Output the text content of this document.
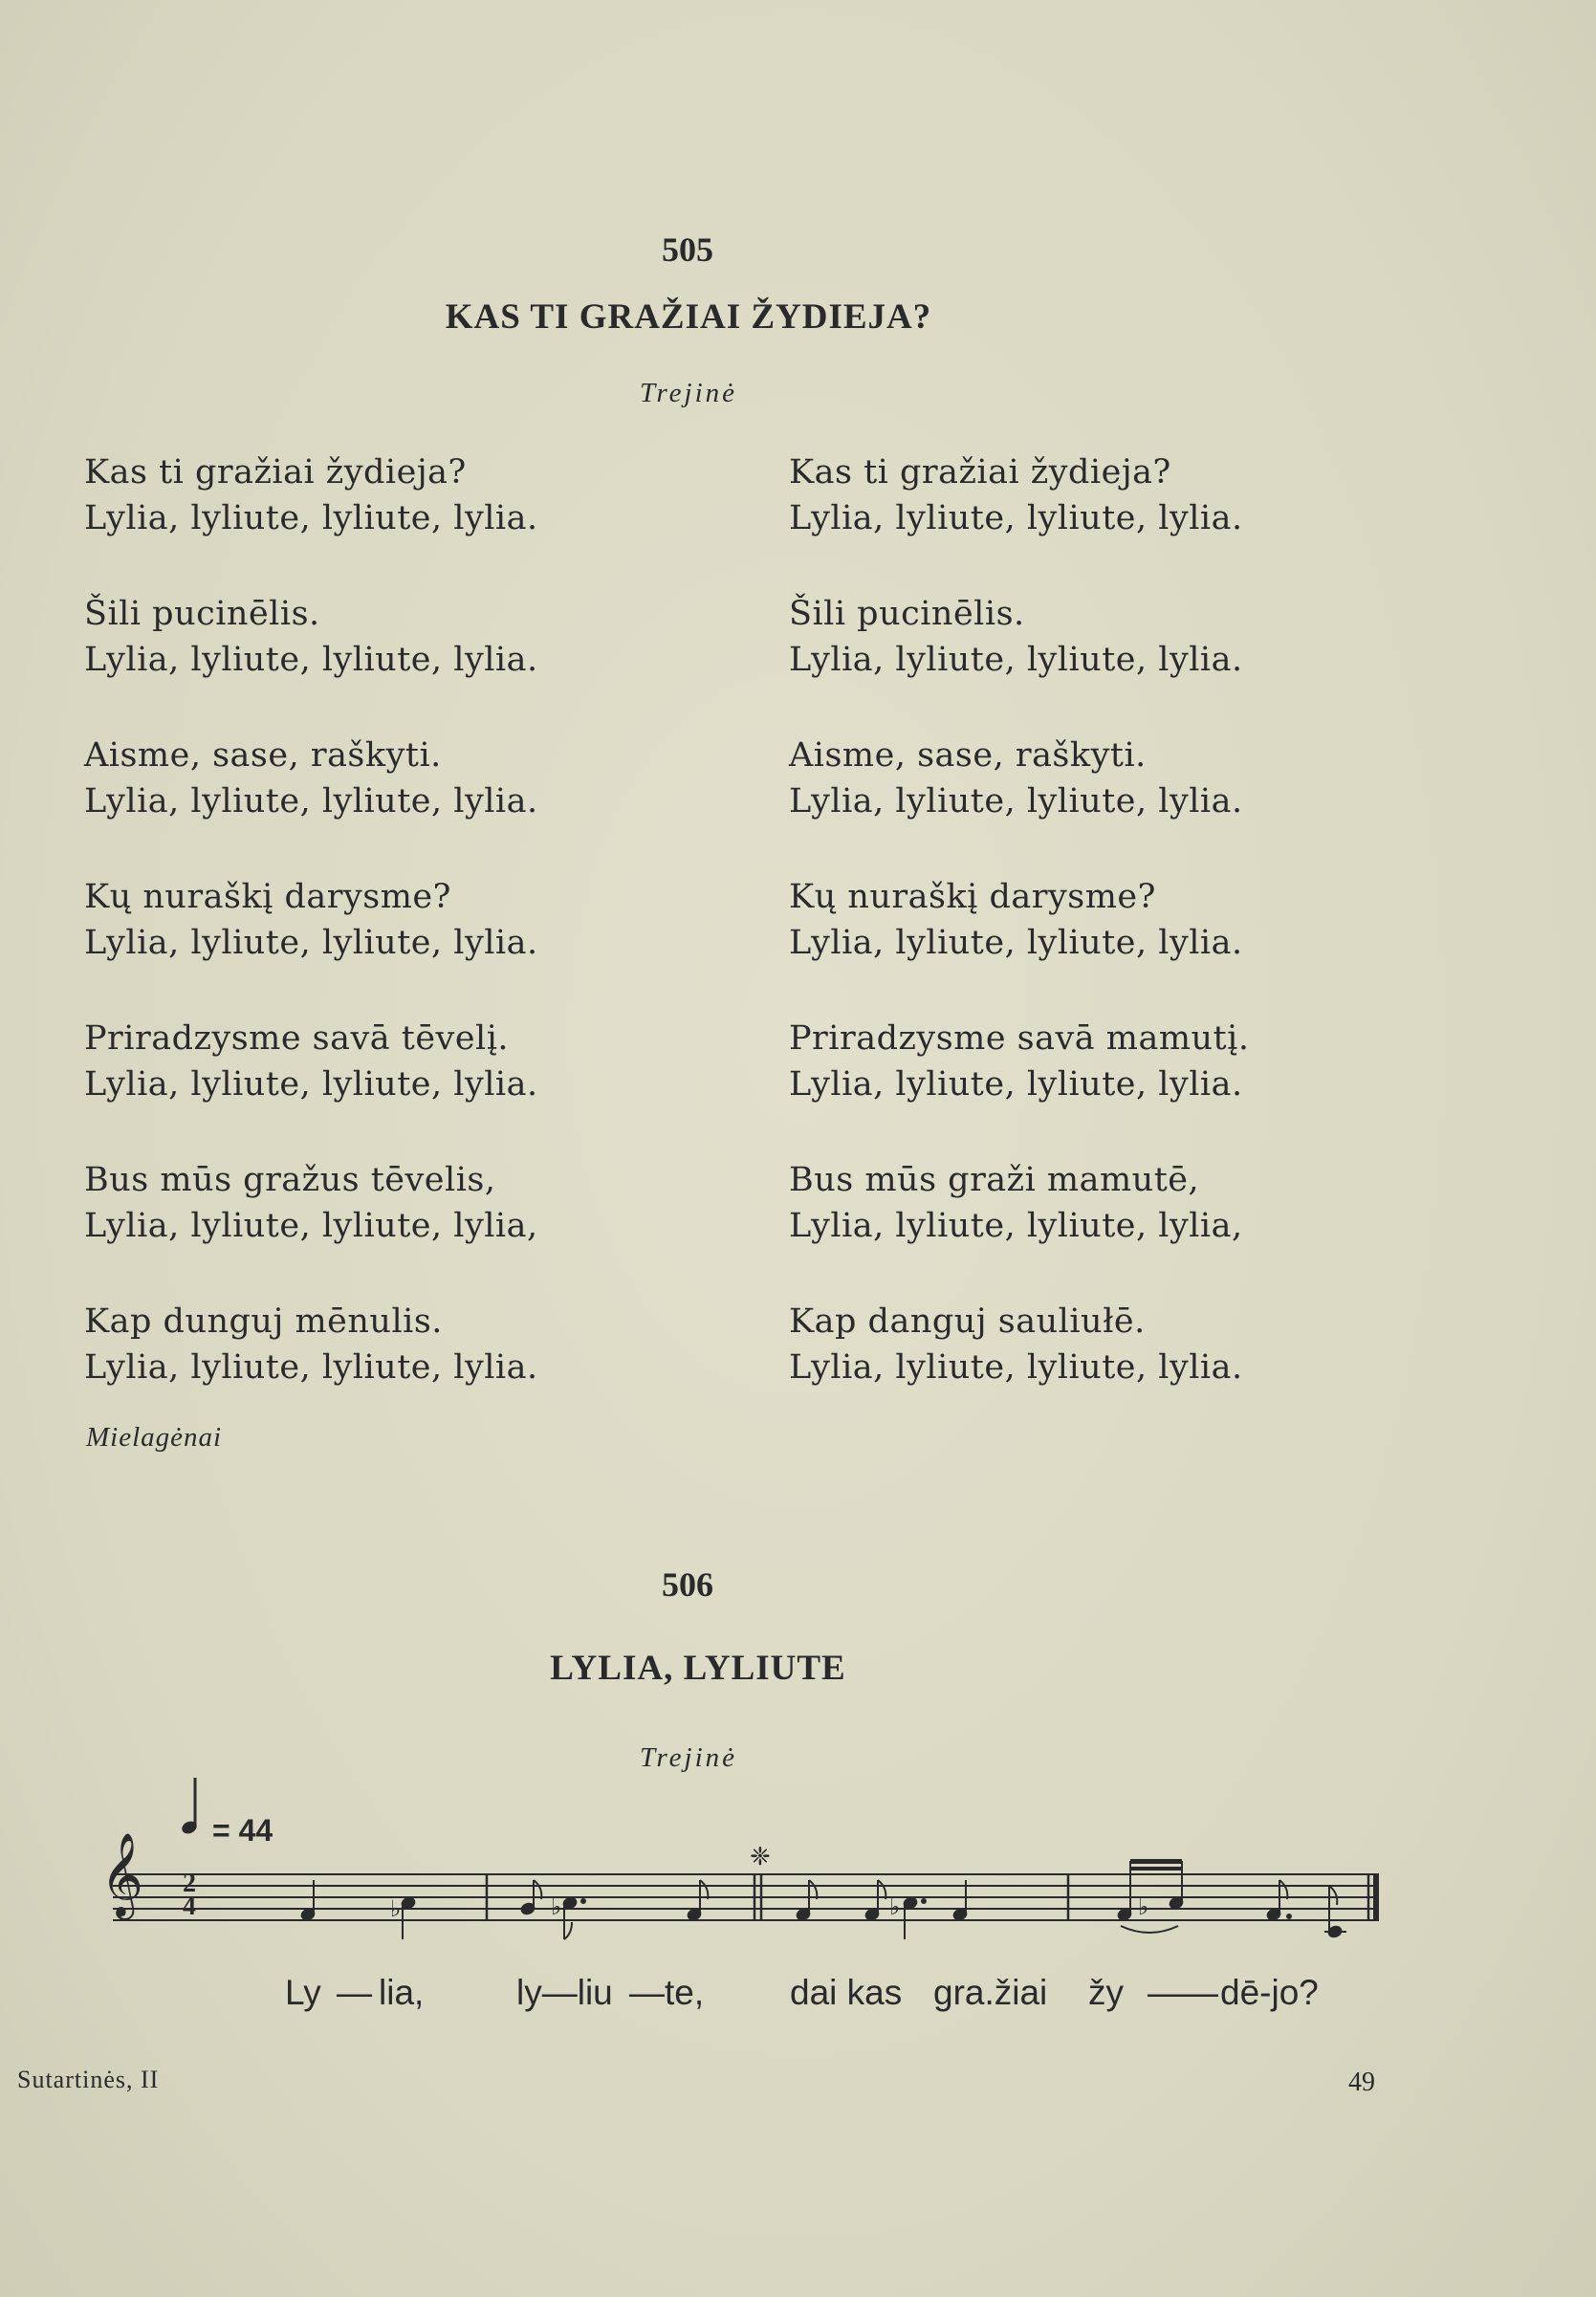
505
KAS TI GRAŽIAI ŽYDIEJA?
Trejinė
Kas ti gražiai žydieja?
Lylia, lyliute, lyliute, lylia.
Šili pucinēlis.
Lylia, lyliute, lyliute, lylia.
Aisme, sase, raškyti.
Lylia, lyliute, lyliute, lylia.
Kų nuraškį darysme?
Lylia, lyliute, lyliute, lylia.
Priradzysme savā tēvelį.
Lylia, lyliute, lyliute, lylia.
Bus mūs gražus tēvelis,
Lylia, lyliute, lyliute, lylia,
Kap dunguj mēnulis.
Lylia, lyliute, lyliute, lylia.
Kas ti gražiai žydieja?
Lylia, lyliute, lyliute, lylia.
Šili pucinēlis.
Lylia, lyliute, lyliute, lylia.
Aisme, sase, raškyti.
Lylia, lyliute, lyliute, lylia.
Kų nuraškį darysme?
Lylia, lyliute, lyliute, lylia.
Priradzysme savā mamutį.
Lylia, lyliute, lyliute, lylia.
Bus mūs graži mamutē,
Lylia, lyliute, lyliute, lylia,
Kap danguj sauliułē.
Lylia, lyliute, lyliute, lylia.
Mielagėnai
506
LYLIA, LYLIUTE
Trejinė
= 44
❈
𝄞 2
4	♭	♭	♭	♭
Ly — lia,	ly—liu —te, dai kas gra.žiai žy —— dē-jo?
Sutartinės, II	49
